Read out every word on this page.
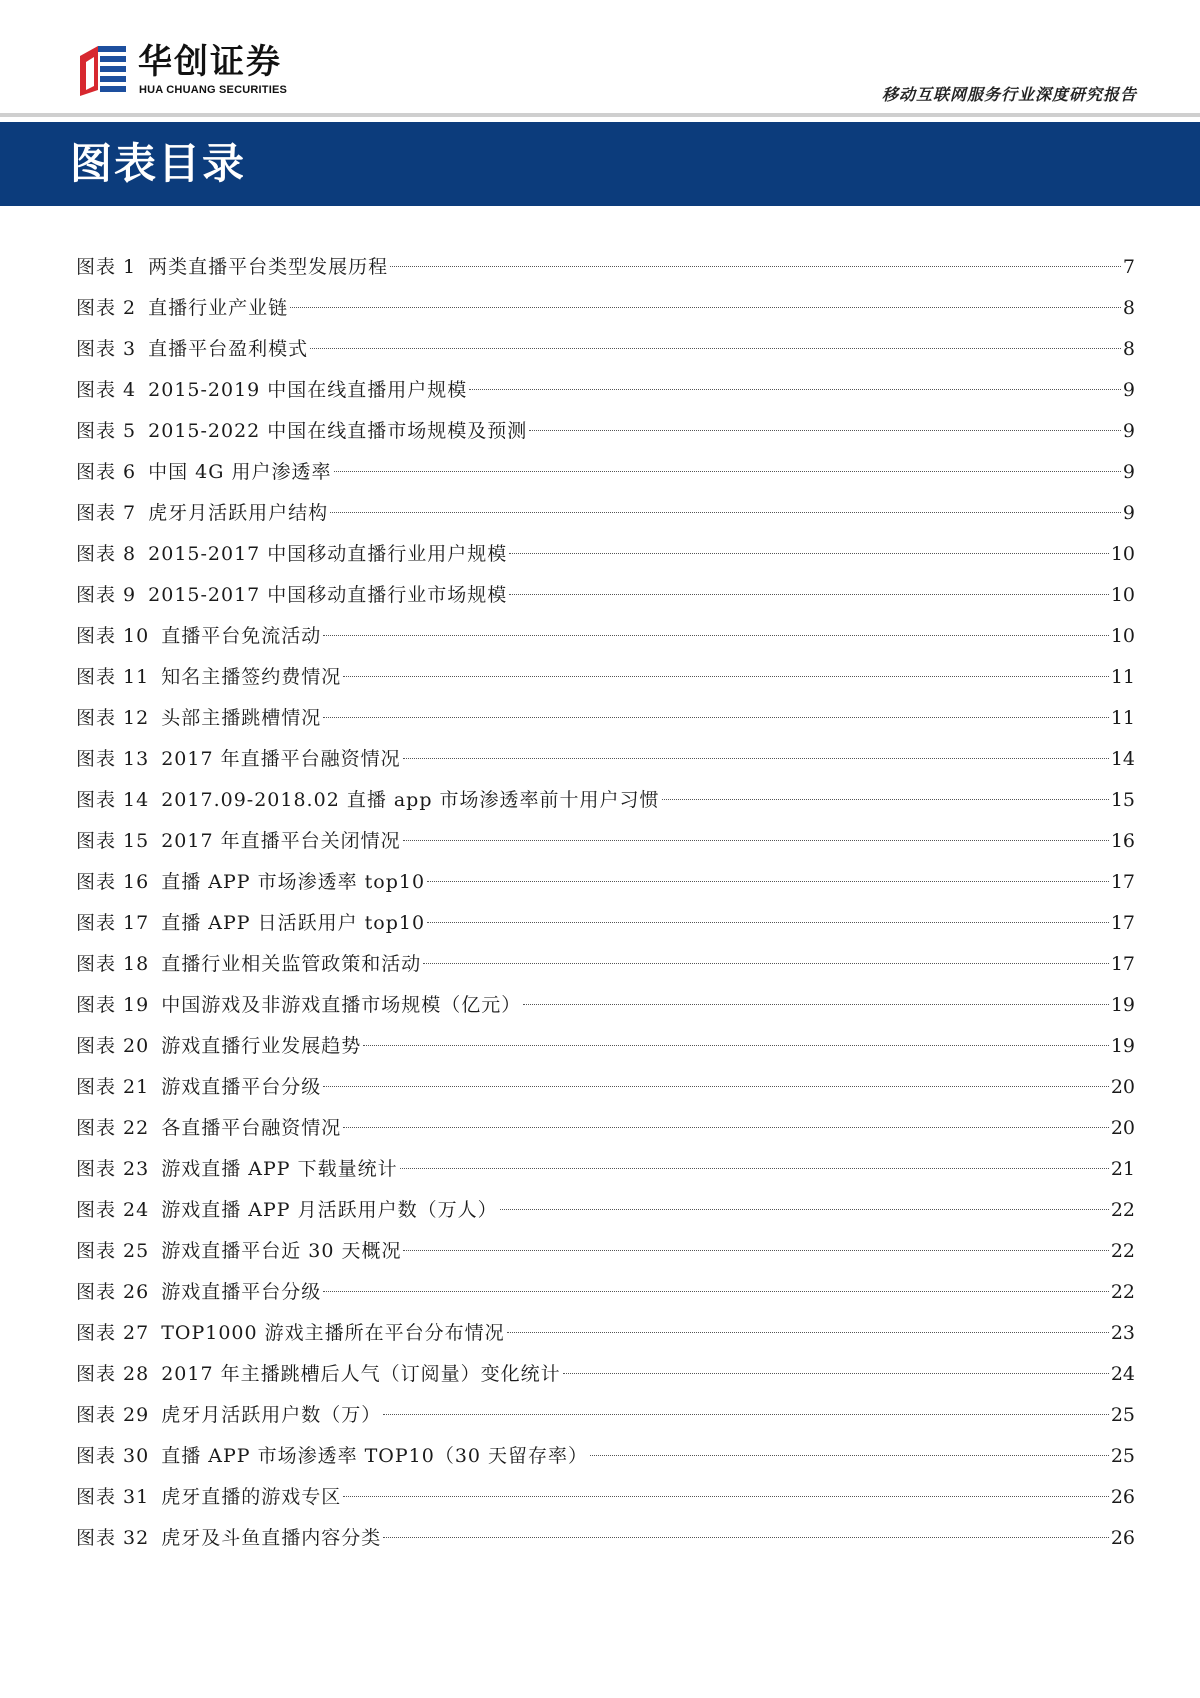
华创证券
HUA CHUANG SECURITIES	移动互联网服务行业深度研究报告
图表目录
图表 1 两类直播平台类型发展历程	7
图表 2 直播行业产业链	8
图表 3 直播平台盈利模式	8
图表 4 2015-2019 中国在线直播用户规模	9
图表 5 2015-2022 中国在线直播市场规模及预测	9
图表 6 中国 4G 用户渗透率	9
图表 7 虎牙月活跃用户结构	9
图表 8 2015-2017 中国移动直播行业用户规模	10
图表 9 2015-2017 中国移动直播行业市场规模	10
图表 10 直播平台免流活动	10
图表 11 知名主播签约费情况	11
图表 12 头部主播跳槽情况	11
图表 13 2017 年直播平台融资情况	14
图表 14 2017.09-2018.02 直播 app 市场渗透率前十用户习惯	15
图表 15 2017 年直播平台关闭情况	16
图表 16 直播 APP 市场渗透率 top10	17
图表 17 直播 APP 日活跃用户 top10	17
图表 18 直播行业相关监管政策和活动	17
图表 19 中国游戏及非游戏直播市场规模（亿元）	19
图表 20 游戏直播行业发展趋势	19
图表 21 游戏直播平台分级	20
图表 22 各直播平台融资情况	20
图表 23 游戏直播 APP 下载量统计	21
图表 24 游戏直播 APP 月活跃用户数（万人）	22
图表 25 游戏直播平台近 30 天概况	22
图表 26 游戏直播平台分级	22
图表 27 TOP1000 游戏主播所在平台分布情况	23
图表 28 2017 年主播跳槽后人气（订阅量）变化统计	24
图表 29 虎牙月活跃用户数（万）	25
图表 30 直播 APP 市场渗透率 TOP10（30 天留存率）	25
图表 31 虎牙直播的游戏专区	26
图表 32 虎牙及斗鱼直播内容分类	26
